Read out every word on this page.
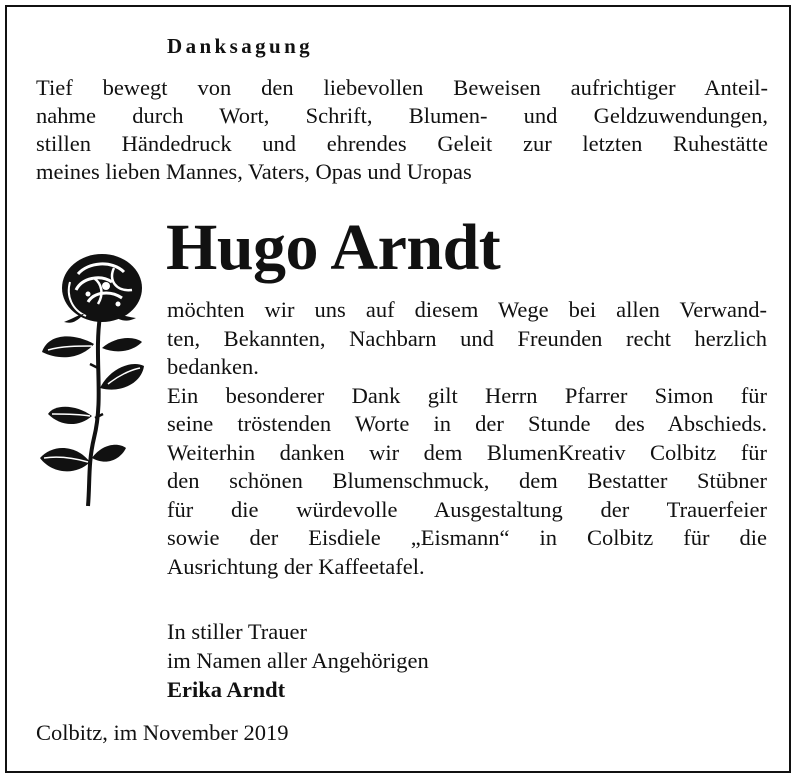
Danksagung

Tief bewegt von den liebevollen Beweisen aufrichtiger Anteil-
nahme durch Wort, Schrift, Blumen- und Geldzuwendungen,
stillen Händedruck und ehrendes Geleit zur letzten Ruhestätte
meines lieben Mannes, Vaters, Opas und Uropas

Hugo Arndt

möchten wir uns auf diesem Wege bei allen Verwand-
ten, Bekannten, Nachbarn und Freunden recht herzlich
bedanken.
Ein besonderer Dank gilt Herrn Pfarrer Simon für
seine tröstenden Worte in der Stunde des Abschieds.
Weiterhin danken wir dem BlumenKreativ Colbitz für
den schönen Blumenschmuck, dem Bestatter Stübner
für die würdevolle Ausgestaltung der Trauerfeier
sowie der Eisdiele „Eismann“ in Colbitz für die
Ausrichtung der Kaffeetafel.

In stiller Trauer
im Namen aller Angehörigen
Erika Arndt

Colbitz, im November 2019
